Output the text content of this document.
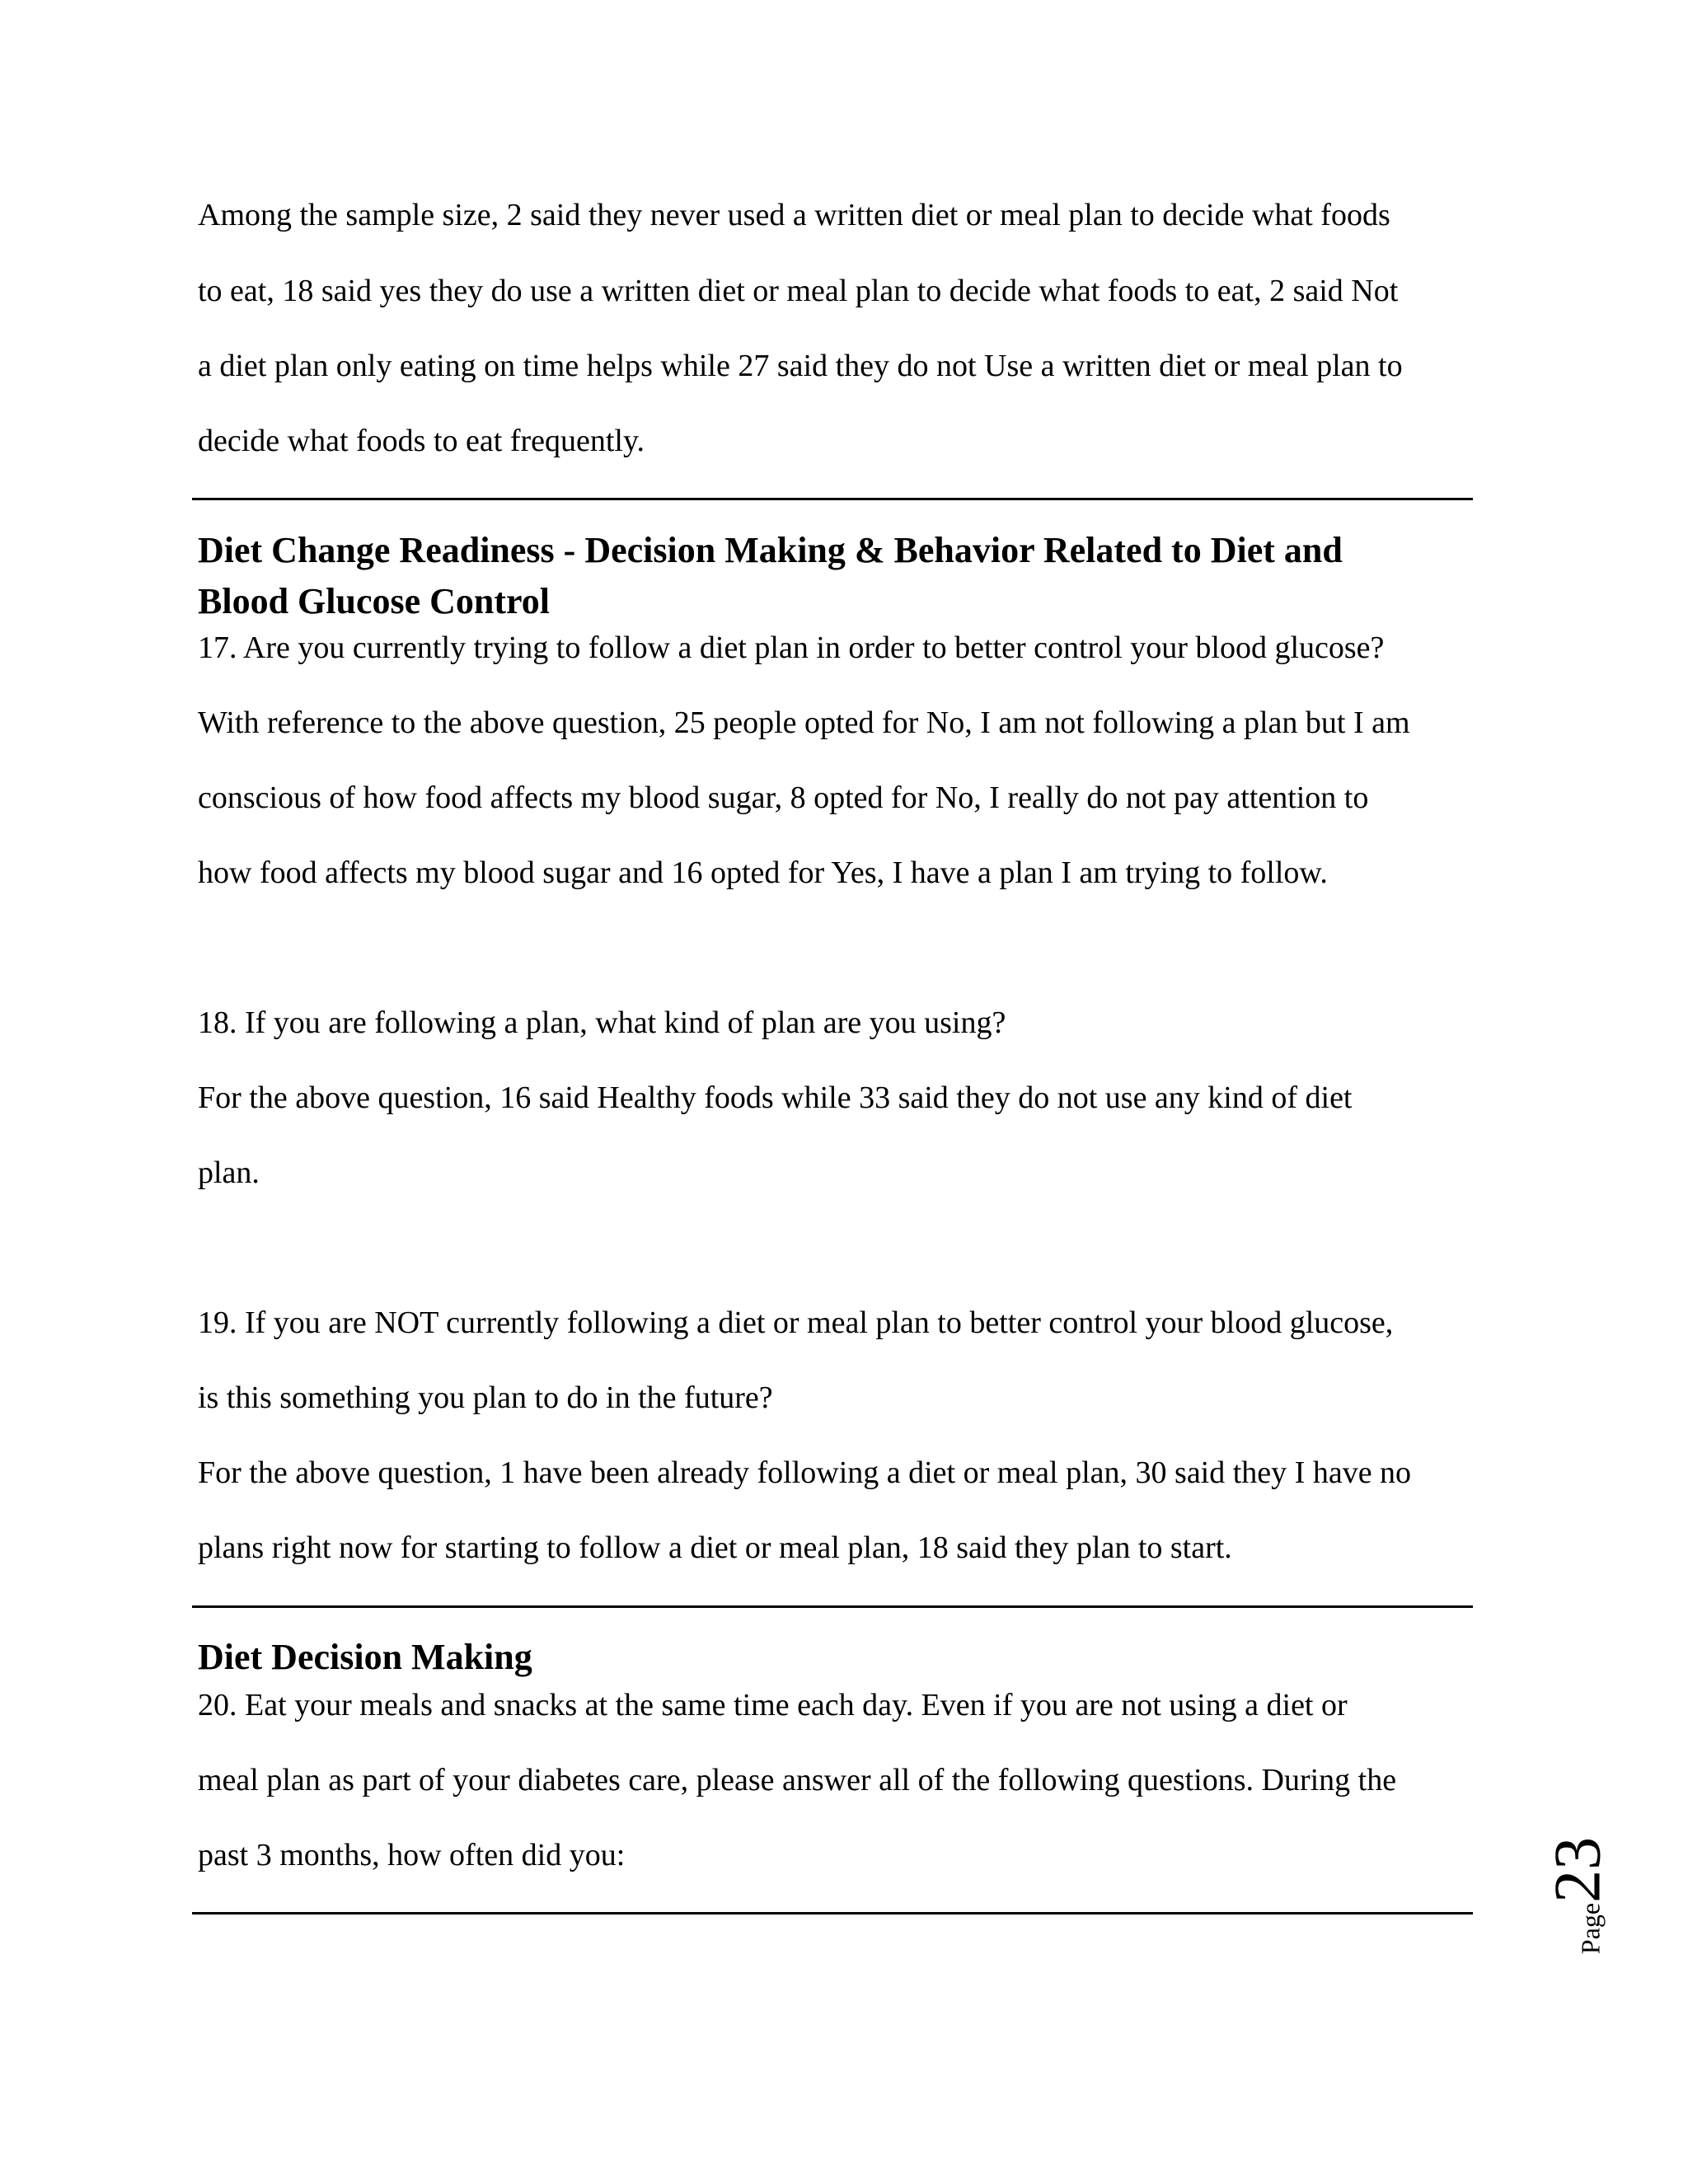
Among the sample size, 2 said they never used a written diet or meal plan to decide what foods

to eat, 18 said yes they do use a written diet or meal plan to decide what foods to eat, 2 said Not

a diet plan only eating on time helps while 27 said they do not Use a written diet or meal plan to

decide what foods to eat frequently.

Diet Change Readiness - Decision Making & Behavior Related to Diet and
Blood Glucose Control

17. Are you currently trying to follow a diet plan in order to better control your blood glucose?

With reference to the above question, 25 people opted for No, I am not following a plan but I am

conscious of how food affects my blood sugar, 8 opted for No, I really do not pay attention to

how food affects my blood sugar and 16 opted for Yes, I have a plan I am trying to follow.

18. If you are following a plan, what kind of plan are you using?

For the above question, 16 said Healthy foods while 33 said they do not use any kind of diet

plan.

19. If you are NOT currently following a diet or meal plan to better control your blood glucose,

is this something you plan to do in the future?

For the above question, 1 have been already following a diet or meal plan, 30 said they I have no

plans right now for starting to follow a diet or meal plan, 18 said they plan to start.

Diet Decision Making

20. Eat your meals and snacks at the same time each day. Even if you are not using a diet or

meal plan as part of your diabetes care, please answer all of the following questions. During the

past 3 months, how often did you:

Page23
